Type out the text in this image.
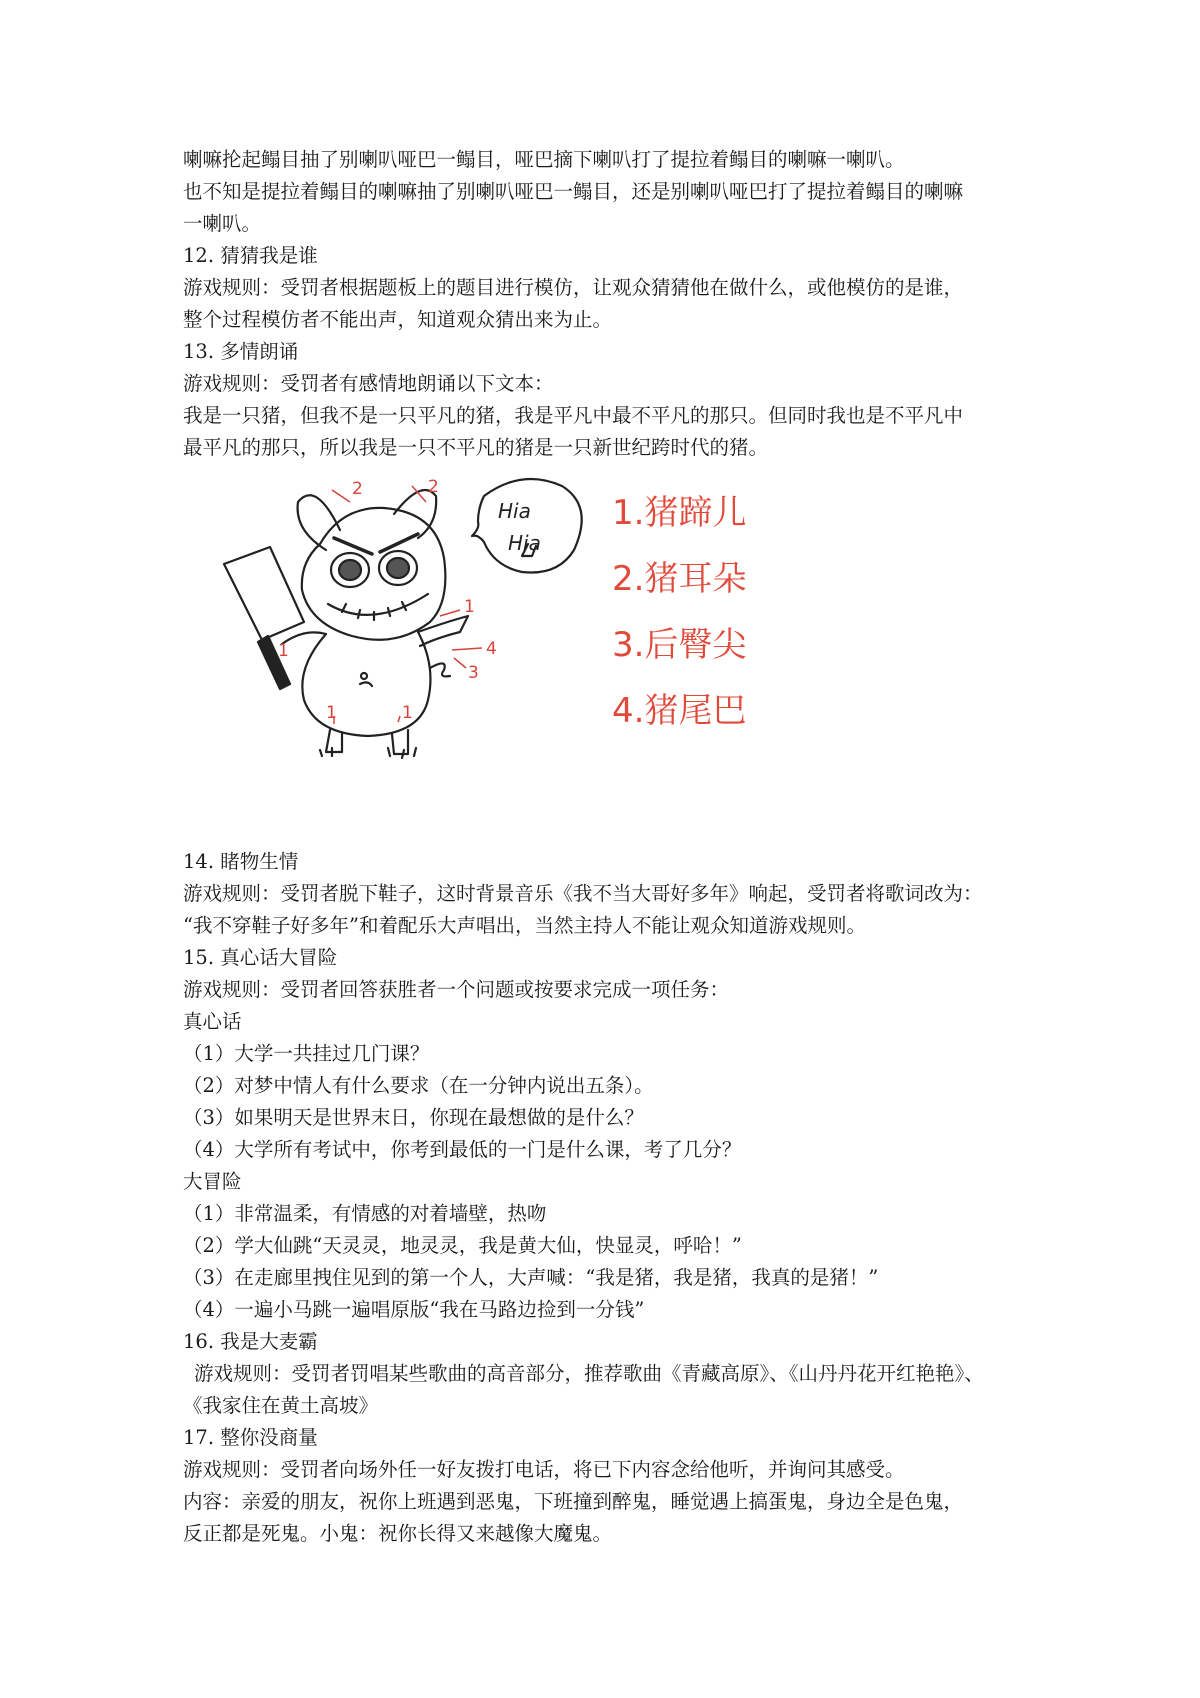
喇嘛抡起鳎目抽了别喇叭哑巴一鳎目，哑巴摘下喇叭打了提拉着鳎目的喇嘛一喇叭。

也不知是提拉着鳎目的喇嘛抽了别喇叭哑巴一鳎目，还是别喇叭哑巴打了提拉着鳎目的喇嘛

一喇叭。

12. 猜猜我是谁

游戏规则：受罚者根据题板上的题目进行模仿，让观众猜猜他在做什么，或他模仿的是谁，

整个过程模仿者不能出声，知道观众猜出来为止。

13. 多情朗诵

游戏规则：受罚者有感情地朗诵以下文本：

我是一只猪，但我不是一只平凡的猪，我是平凡中最不平凡的那只。但同时我也是不平凡中

最平凡的那只，所以我是一只不平凡的猪是一只新世纪跨时代的猪。

2	2
1
1	4
3
1	1
Hia
Hia
1.猪蹄儿
2.猪耳朵
3.后臀尖
4.猪尾巴

14. 睹物生情

游戏规则：受罚者脱下鞋子，这时背景音乐《我不当大哥好多年》响起，受罚者将歌词改为：

“我不穿鞋子好多年”和着配乐大声唱出，当然主持人不能让观众知道游戏规则。

15. 真心话大冒险

游戏规则：受罚者回答获胜者一个问题或按要求完成一项任务：

真心话

（1）大学一共挂过几门课？

（2）对梦中情人有什么要求（在一分钟内说出五条）。

（3）如果明天是世界末日，你现在最想做的是什么？

（4）大学所有考试中，你考到最低的一门是什么课，考了几分？

大冒险

（1）非常温柔，有情感的对着墙壁，热吻

（2）学大仙跳“天灵灵，地灵灵，我是黄大仙，快显灵，呼哈！”

（3）在走廊里拽住见到的第一个人，大声喊：“我是猪，我是猪，我真的是猪！”

（4）一遍小马跳一遍唱原版“我在马路边捡到一分钱”

16. 我是大麦霸

游戏规则：受罚者罚唱某些歌曲的高音部分，推荐歌曲《青藏高原》、《山丹丹花开红艳艳》、

《我家住在黄土高坡》

17. 整你没商量

游戏规则：受罚者向场外任一好友拨打电话，将已下内容念给他听，并询问其感受。

内容：亲爱的朋友，祝你上班遇到恶鬼，下班撞到醉鬼，睡觉遇上搞蛋鬼，身边全是色鬼，

反正都是死鬼。小鬼：祝你长得又来越像大魔鬼。
